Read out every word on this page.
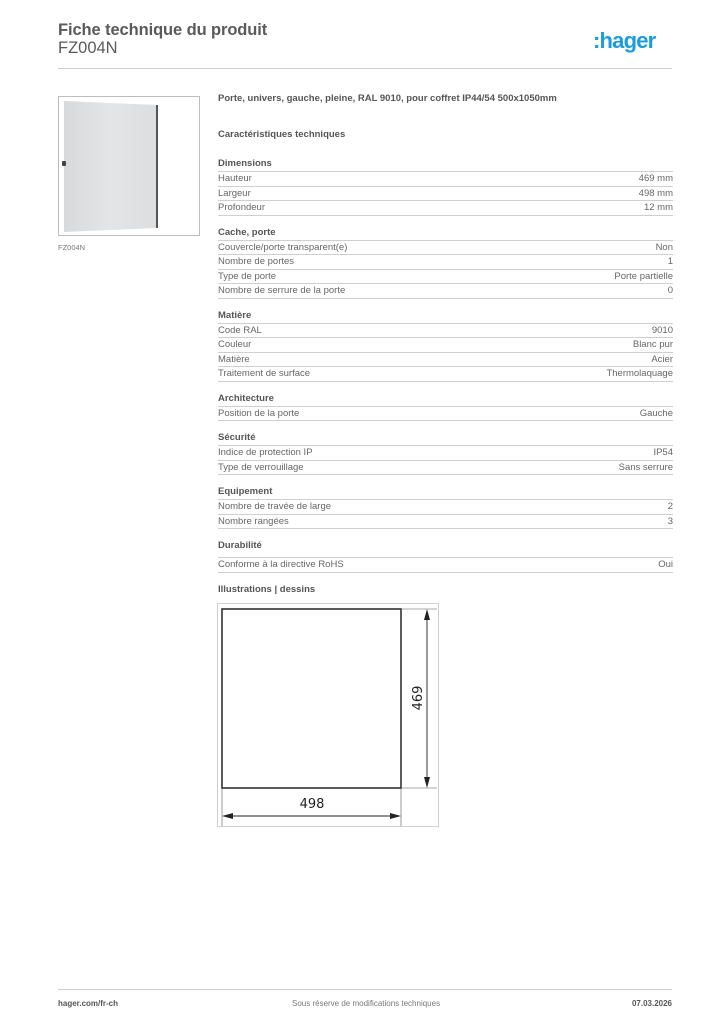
Fiche technique du produit
FZ004N	:hager
FZ004N
Porte, univers, gauche, pleine, RAL 9010, pour coffret IP44/54 500x1050mm
Caractéristiques techniques
Dimensions
Hauteur	469 mm
Largeur	498 mm
Profondeur	12 mm
Cache, porte
Couvercle/porte transparent(e)	Non
Nombre de portes	1
Type de porte	Porte partielle
Nombre de serrure de la porte	0
Matière
Code RAL	9010
Couleur	Blanc pur
Matière	Acier
Traitement de surface	Thermolaquage
Architecture
Position de la porte	Gauche
Sécurité
Indice de protection IP	IP54
Type de verrouillage	Sans serrure
Equipement
Nombre de travée de large	2
Nombre rangées	3
Durabilité
Conforme à la directive RoHS	Oui
Illustrations | dessins
469
498
hager.com/fr-ch	Sous réserve de modifications techniques	07.03.2026
